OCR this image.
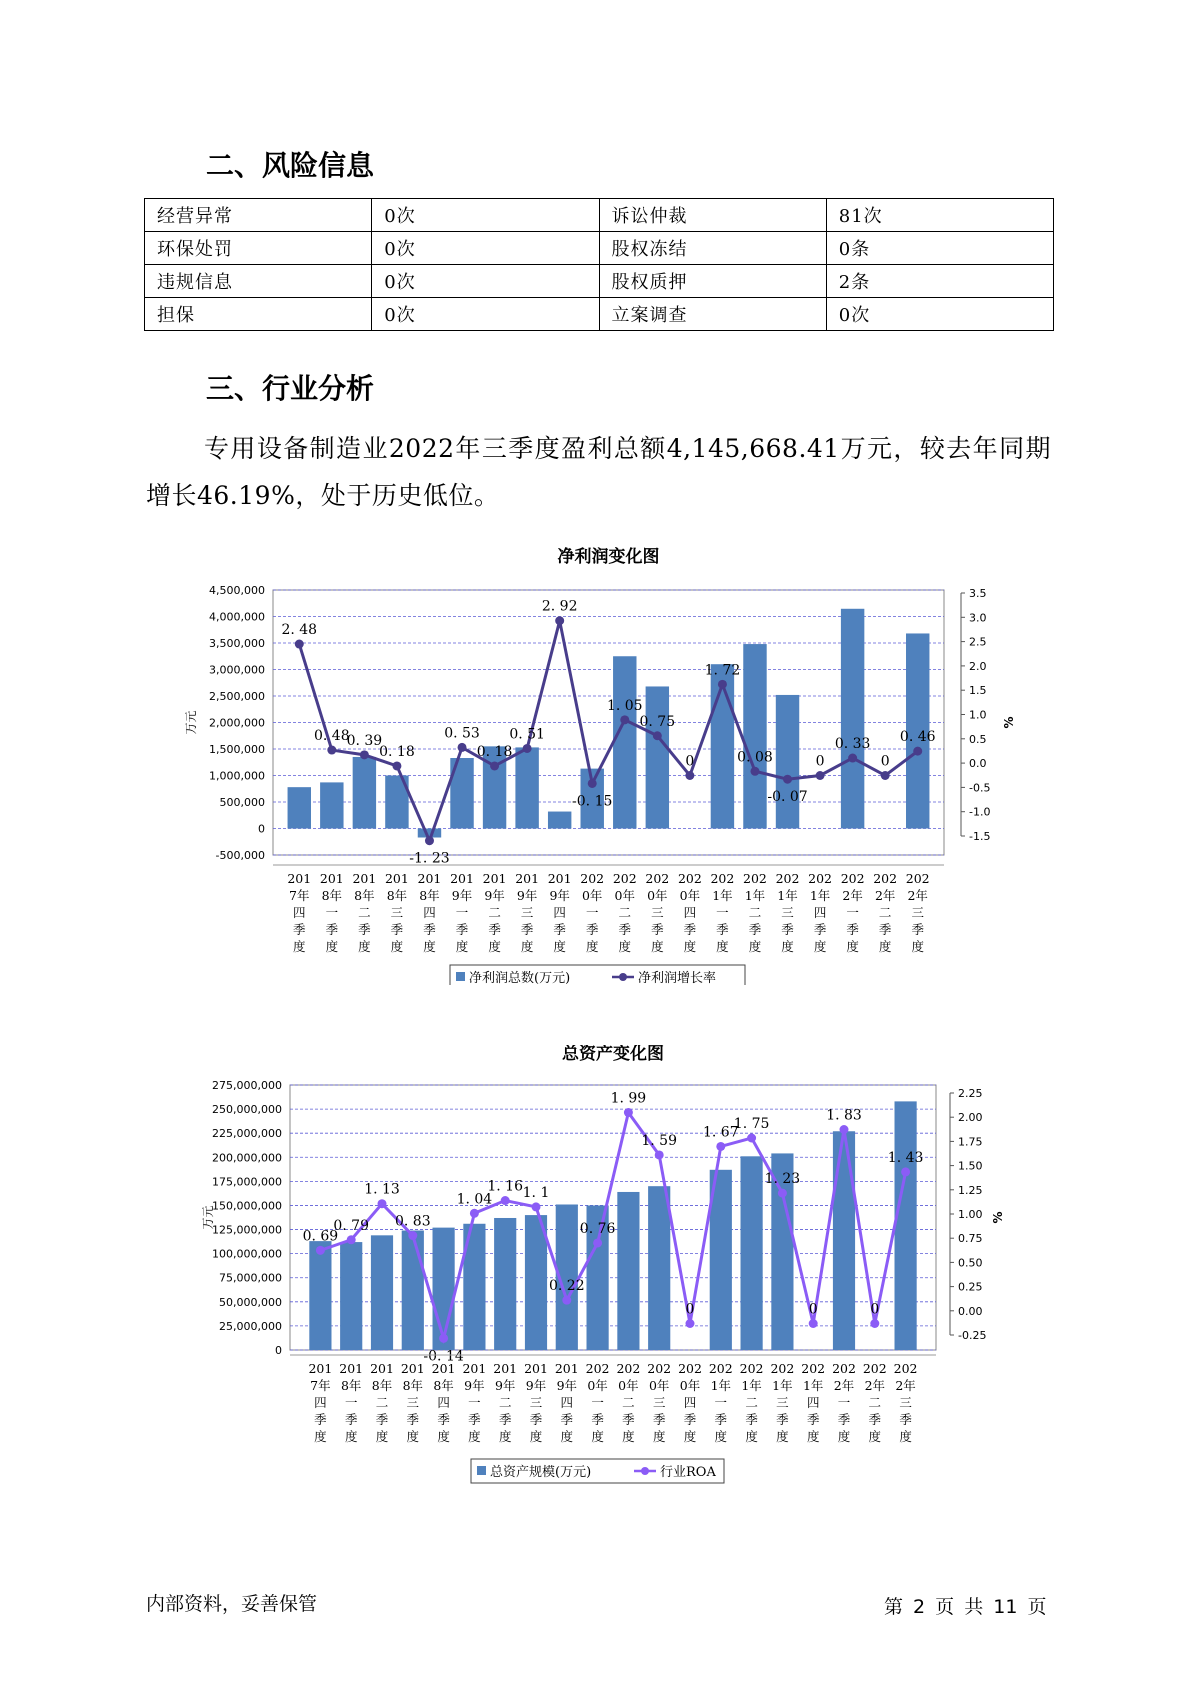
二、风险信息
经营异常	0次	诉讼仲裁	81次
环保处罚	0次	股权冻结	0条
违规信息	0次	股权质押	2条
担保	0次	立案调查	0次
三、行业分析
专用设备制造业2022年三季度盈利总额4,145,668.41万元，较去年同期增长46.19%，处于历史低位。
净利润变化图
4,500,000
4,000,000
3,500,000
3,000,000
2,500,000
2,000,000
1,500,000
1,000,000
500,000
0
-500,000
3.5
3.0
2.5
2.0
1.5
1.0
0.5
0.0
-0.5
-1.0
-1.5
万元	%
2. 48
0. 48
0. 39
0. 18
-1. 23
0. 53
0. 18
0. 51
2. 92
-0. 15
1. 05
0. 75
0
1. 72
0. 08
-0. 07
0
0. 33
0
0. 46
201
7年
四
季
度
201
8年
一
季
度
201
8年
二
季
度
201
8年
三
季
度
201
8年
四
季
度
201
9年
一
季
度
201
9年
二
季
度
201
9年
三
季
度
201
9年
四
季
度
202
0年
一
季
度
202
0年
二
季
度
202
0年
三
季
度
202
0年
四
季
度
202
1年
一
季
度
202
1年
二
季
度
202
1年
三
季
度
202
1年
四
季
度
202
2年
一
季
度
202
2年
二
季
度
202
2年
三
季
度
净利润总数(万元)	净利润增长率
总资产变化图
275,000,000
250,000,000
225,000,000
200,000,000
175,000,000
150,000,000
125,000,000
100,000,000
75,000,000
50,000,000
25,000,000
0
2.25
2.00
1.75
1.50
1.25
1.00
0.75
0.50
0.25
0.00
-0.25
万元	%
0. 69
0. 79
1. 13
0. 83
-0. 14
1. 04
1. 16 1. 1
0. 22
0. 76
1. 99
1. 59
0
1. 67
1. 75
1. 23
0
1. 83
0
1. 43
201
7年
四
季
度
201
8年
一
季
度
201
8年
二
季
度
201
8年
三
季
度
201
8年
四
季
度
201
9年
一
季
度
201
9年
二
季
度
201
9年
三
季
度
201
9年
四
季
度
202
0年
一
季
度
202
0年
二
季
度
202
0年
三
季
度
202
0年
四
季
度
202
1年
一
季
度
202
1年
二
季
度
202
1年
三
季
度
202
1年
四
季
度
202
2年
一
季
度
202
2年
二
季
度
202
2年
三
季
度
总资产规模(万元)	行业ROA
内部资料，妥善保管	第 2 页 共 11 页
